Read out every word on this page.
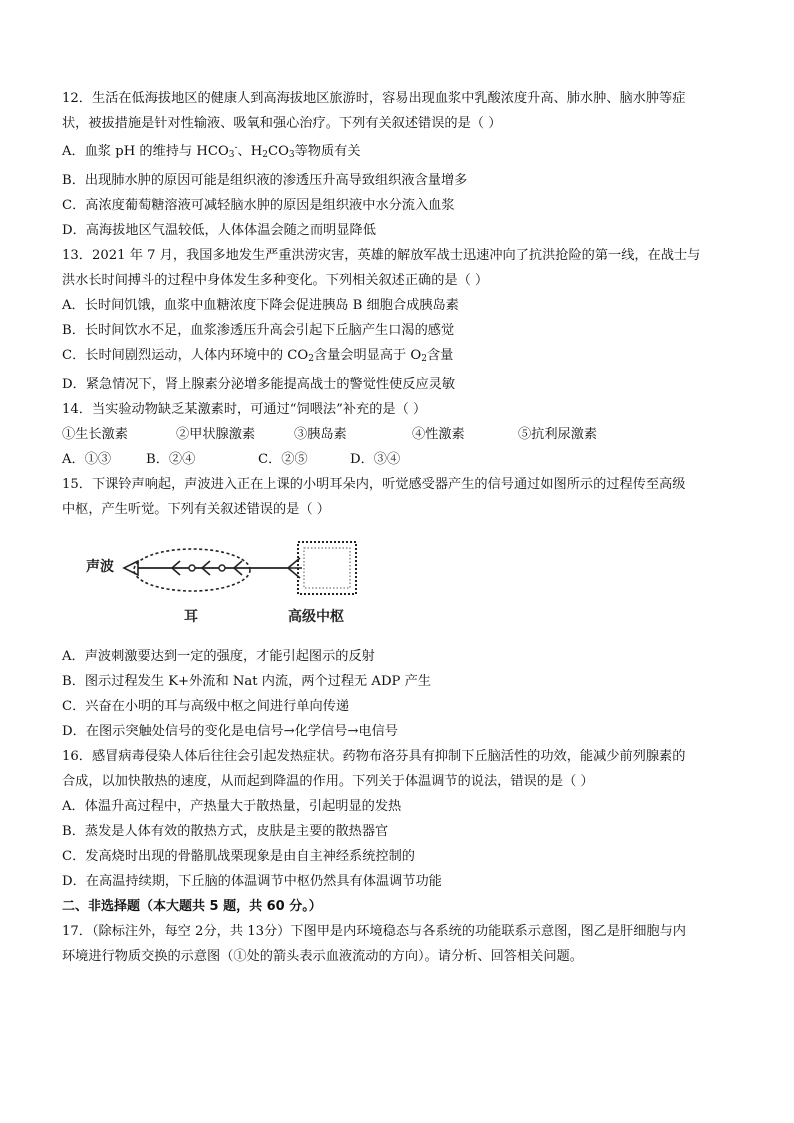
12．生活在低海拔地区的健康人到高海拔地区旅游时，容易出现血浆中乳酸浓度升高、肺水肿、脑水肿等症
状，被拔措施是针对性输液、吸氧和强心治疗。下列有关叙述错误的是（ ）
A．血浆 pH 的维持与 $HCO_3^-$、$H_2CO_3$等物质有关
B．出现肺水肿的原因可能是组织液的渗透压升高导致组织液含量增多
C．高浓度葡萄糖溶液可减轻脑水肿的原因是组织液中水分流入血浆
D．高海拔地区气温较低，人体体温会随之而明显降低
13．2021 年 7 月，我国多地发生严重洪涝灾害，英雄的解放军战士迅速冲向了抗洪抢险的第一线，在战士与
洪水长时间搏斗的过程中身体发生多种变化。下列相关叙述正确的是（ ）
A．长时间饥饿，血浆中血糖浓度下降会促进胰岛 B 细胞合成胰岛素
B．长时间饮水不足，血浆渗透压升高会引起下丘脑产生口渴的感觉
C．长时间剧烈运动，人体内环境中的 $CO_2$含量会明显高于 $O_2$含量
D．紧急情况下，肾上腺素分泌增多能提高战士的警觉性使反应灵敏
14．当实验动物缺乏某激素时，可通过“饲喂法”补充的是（ ）
①生长激素	②甲状腺激素	③胰岛素	④性激素	⑤抗利尿激素
A．①③	B．②④	C．②⑤	D．③④
15．下课铃声响起，声波进入正在上课的小明耳朵内，听觉感受器产生的信号通过如图所示的过程传至高级
中枢，产生听觉。下列有关叙述错误的是（ ）
声波
耳	高级中枢
A．声波刺激要达到一定的强度，才能引起图示的反射
B．图示过程发生 K+外流和 Nat 内流，两个过程无 ADP 产生
C．兴奋在小明的耳与高级中枢之间进行单向传递
D．在图示突触处信号的变化是电信号→化学信号→电信号
16．感冒病毒侵染人体后往往会引起发热症状。药物布洛芬具有抑制下丘脑活性的功效，能减少前列腺素的
合成，以加快散热的速度，从而起到降温的作用。下列关于体温调节的说法，错误的是（ ）
A．体温升高过程中，产热量大于散热量，引起明显的发热
B．蒸发是人体有效的散热方式，皮肤是主要的散热器官
C．发高烧时出现的骨骼肌战栗现象是由自主神经系统控制的
D．在高温持续期，下丘脑的体温调节中枢仍然具有体温调节功能
二、非选择题（本大题共 5 题，共 60 分。）
17．（除标注外，每空 2分，共 13分）下图甲是内环境稳态与各系统的功能联系示意图，图乙是肝细胞与内
环境进行物质交换的示意图（①处的箭头表示血液流动的方向）。请分析、回答相关问题。
